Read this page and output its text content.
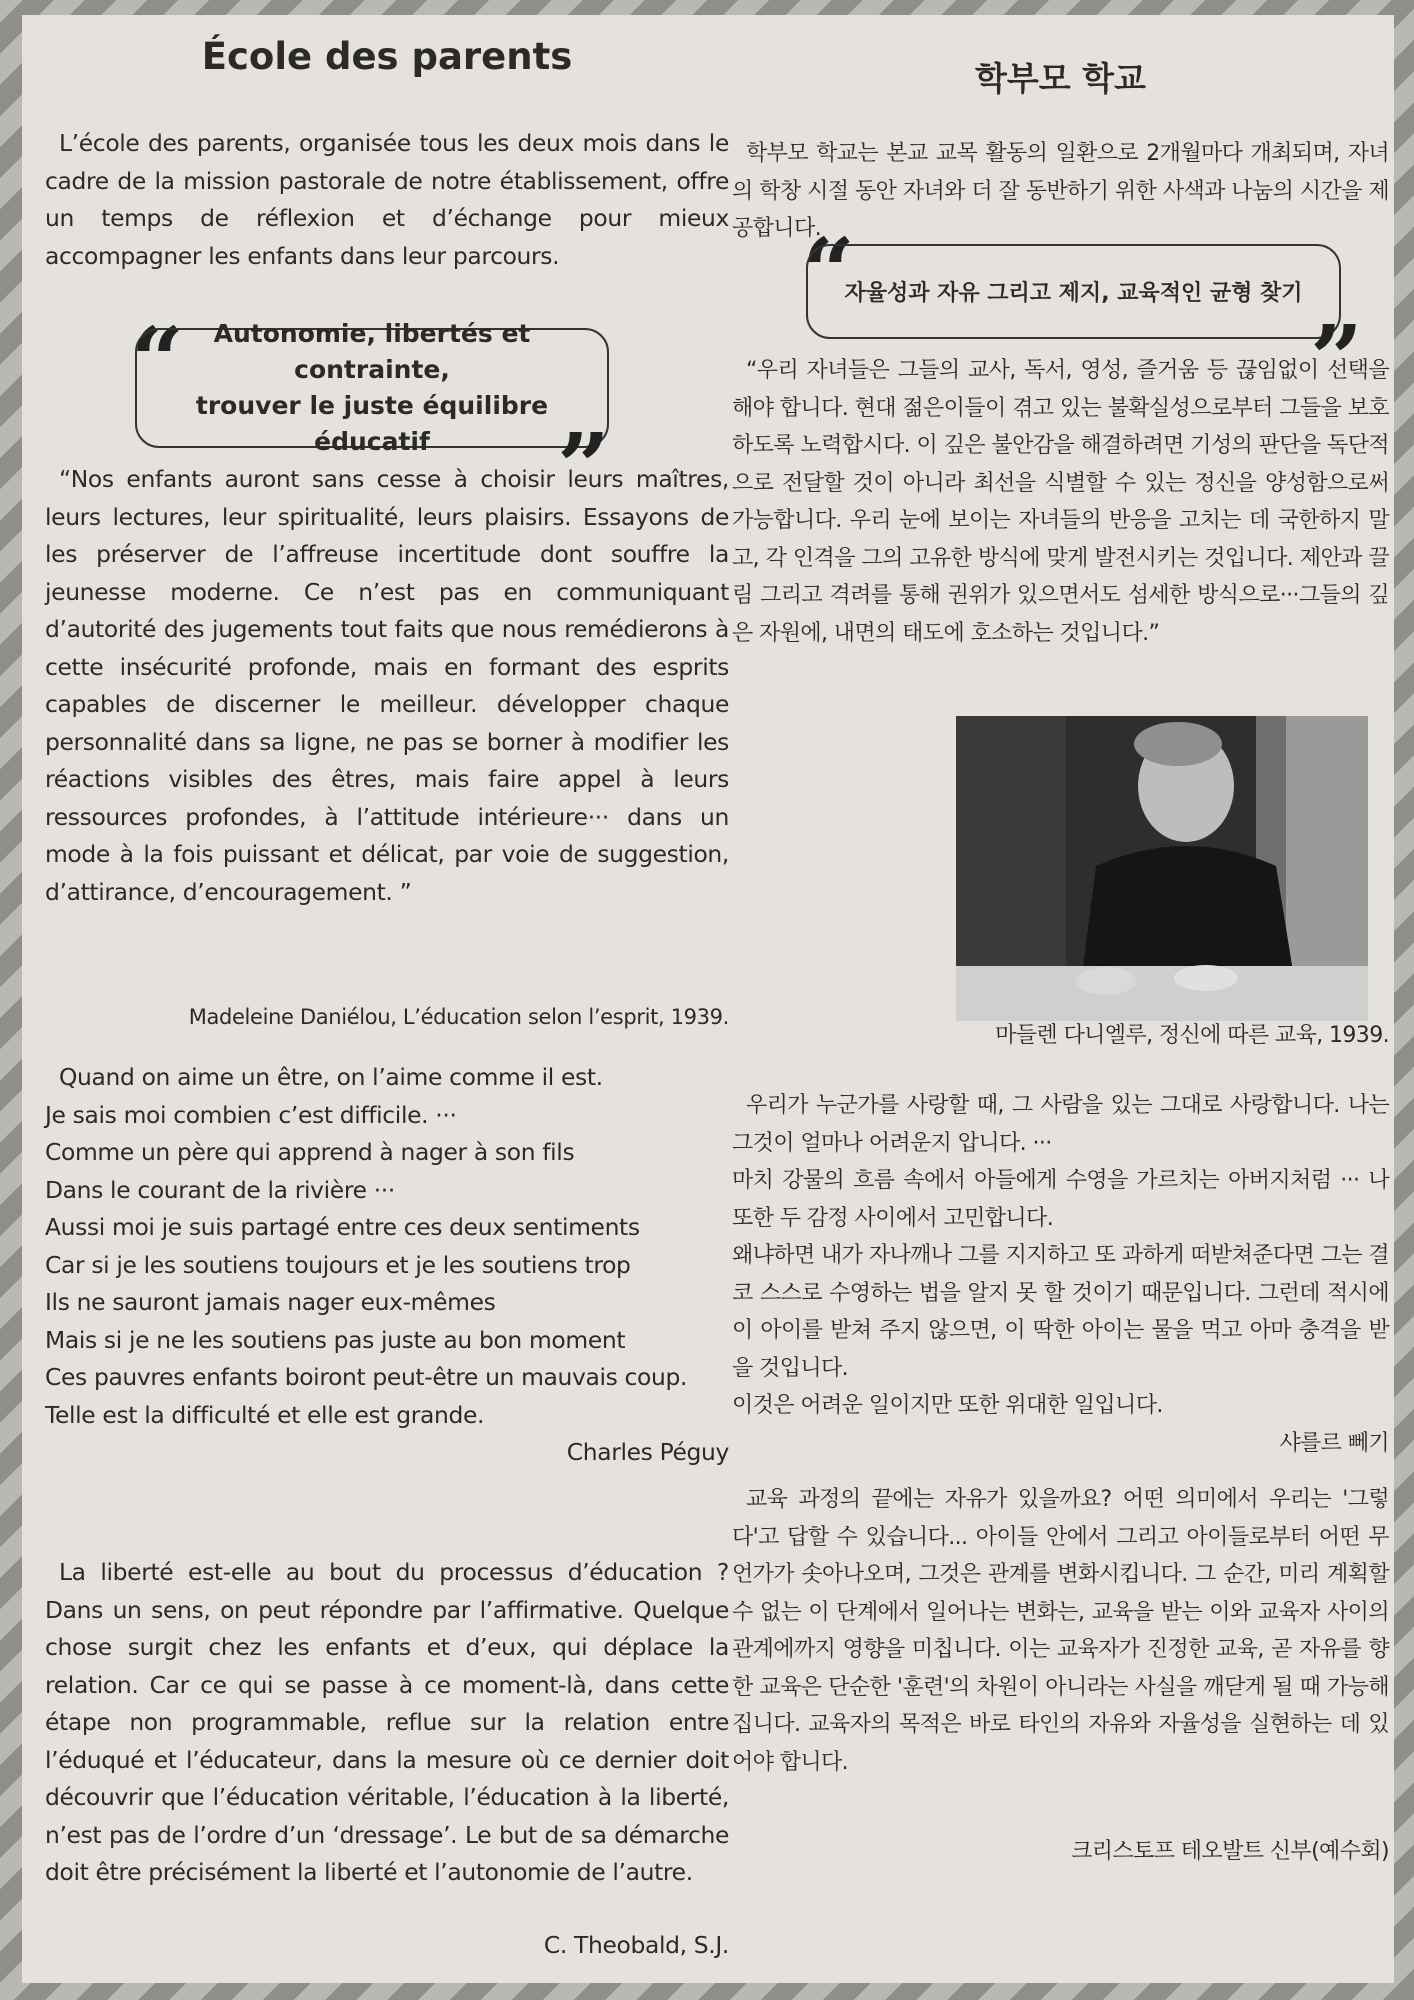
École des parents

L’école des parents, organisée tous les deux mois dans le cadre de la mission pastorale de notre établissement, offre un temps de réflexion et d’échange pour mieux accompagner les enfants dans leur parcours.

“	Autonomie, libertés et contrainte,
trouver le juste équilibre éducatif	”

“Nos enfants auront sans cesse à choisir leurs maîtres, leurs lectures, leur spiritualité, leurs plaisirs. Essayons de les préserver de l’affreuse incertitude dont souffre la jeunesse moderne. Ce n’est pas en communiquant d’autorité des jugements tout faits que nous remédierons à cette insécurité profonde, mais en formant des esprits capables de discerner le meilleur. développer chaque personnalité dans sa ligne, ne pas se borner à modifier les réactions visibles des êtres, mais faire appel à leurs ressources profondes, à l’attitude intérieure··· dans un mode à la fois puissant et délicat, par voie de suggestion, d’attirance, d’encouragement. ”

Madeleine Daniélou, L’éducation selon l’esprit, 1939.

Quand on aime un être, on l’aime comme il est.

Je sais moi combien c’est difficile. ···

Comme un père qui apprend à nager à son fils

Dans le courant de la rivière ···

Aussi moi je suis partagé entre ces deux sentiments

Car si je les soutiens toujours et je les soutiens trop

Ils ne sauront jamais nager eux-mêmes

Mais si je ne les soutiens pas juste au bon moment

Ces pauvres enfants boiront peut-être un mauvais coup.

Telle est la difficulté et elle est grande.

Charles Péguy

La liberté est-elle au bout du processus d’éducation ? Dans un sens, on peut répondre par l’affirmative. Quelque chose surgit chez les enfants et d’eux, qui déplace la relation. Car ce qui se passe à ce moment-là, dans cette étape non programmable, reflue sur la relation entre l’éduqué et l’éducateur, dans la mesure où ce dernier doit découvrir que l’éducation véritable, l’éducation à la liberté, n’est pas de l’ordre d’un ‘dressage’. Le but de sa démarche doit être précisément la liberté et l’autonomie de l’autre.

C. Theobald, S.J.

학부모 학교

학부모 학교는 본교 교목 활동의 일환으로 2개월마다 개최되며, 자녀의 학창 시절 동안 자녀와 더 잘 동반하기 위한 사색과 나눔의 시간을 제공합니다.

“
자율성과 자유 그리고 제지, 교육적인 균형 찾기
”

“우리 자녀들은 그들의 교사, 독서, 영성, 즐거움 등 끊임없이 선택을 해야 합니다. 현대 젊은이들이 겪고 있는 불확실성으로부터 그들을 보호하도록 노력합시다. 이 깊은 불안감을 해결하려면 기성의 판단을 독단적으로 전달할 것이 아니라 최선을 식별할 수 있는 정신을 양성함으로써 가능합니다. 우리 눈에 보이는 자녀들의 반응을 고치는 데 국한하지 말고, 각 인격을 그의 고유한 방식에 맞게 발전시키는 것입니다. 제안과 끌림 그리고 격려를 통해 권위가 있으면서도 섬세한 방식으로···그들의 깊은 자원에, 내면의 태도에 호소하는 것입니다.”

마들렌 다니엘루, 정신에 따른 교육, 1939.

우리가 누군가를 사랑할 때, 그 사람을 있는 그대로 사랑합니다. 나는 그것이 얼마나 어려운지 압니다. ···

마치 강물의 흐름 속에서 아들에게 수영을 가르치는 아버지처럼 ··· 나 또한 두 감정 사이에서 고민합니다.

왜냐하면 내가 자나깨나 그를 지지하고 또 과하게 떠받쳐준다면 그는 결코 스스로 수영하는 법을 알지 못 할 것이기 때문입니다. 그런데 적시에 이 아이를 받쳐 주지 않으면, 이 딱한 아이는 물을 먹고 아마 충격을 받을 것입니다.

이것은 어려운 일이지만 또한 위대한 일입니다.

샤를르 뻬기

교육 과정의 끝에는 자유가 있을까요? 어떤 의미에서 우리는 '그렇다'고 답할 수 있습니다... 아이들 안에서 그리고 아이들로부터 어떤 무언가가 솟아나오며, 그것은 관계를 변화시킵니다. 그 순간, 미리 계획할 수 없는 이 단계에서 일어나는 변화는, 교육을 받는 이와 교육자 사이의 관계에까지 영향을 미칩니다. 이는 교육자가 진정한 교육, 곧 자유를 향한 교육은 단순한 '훈련'의 차원이 아니라는 사실을 깨닫게 될 때 가능해집니다. 교육자의 목적은 바로 타인의 자유와 자율성을 실현하는 데 있어야 합니다.

크리스토프 테오발트 신부(예수회)
